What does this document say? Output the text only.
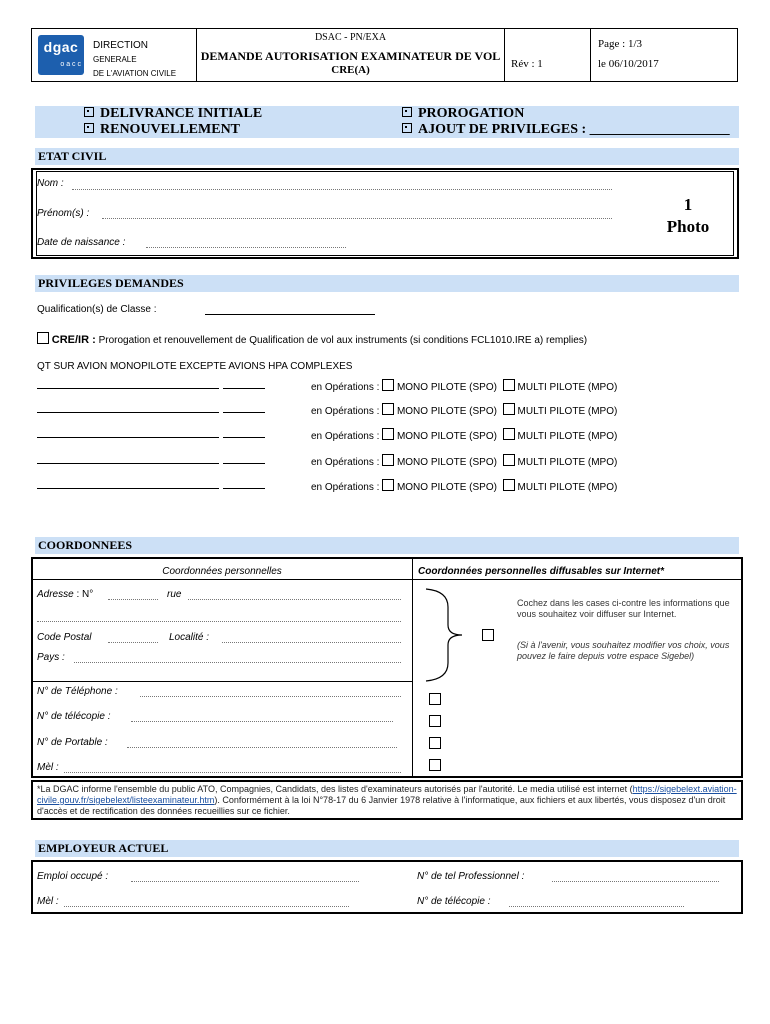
dgac
o a c c
DIRECTION
GENERALE
DE L'AVIATION CIVILE
DSAC - PN/EXA
DEMANDE AUTORISATION EXAMINATEUR DE VOL
CRE(A)	Rév : 1
Page : 1/3
le 06/10/2017
DELIVRANCE INITIALE
RENOUVELLEMENT
PROROGATION
AJOUT DE PRIVILEGES : ____________________
ETAT CIVIL
Nom :
Prénom(s) :
Date de naissance :
1
Photo
PRIVILEGES DEMANDES
Qualification(s) de Classe :
CRE/IR : Prorogation et renouvellement de Qualification de vol aux instruments (si conditions FCL1010.IRE a) remplies)
QT SUR AVION MONOPILOTE EXCEPTE AVIONS HPA COMPLEXES
en Opérations : MONO PILOTE (SPO) MULTI PILOTE (MPO)
en Opérations : MONO PILOTE (SPO) MULTI PILOTE (MPO)
en Opérations : MONO PILOTE (SPO) MULTI PILOTE (MPO)
en Opérations : MONO PILOTE (SPO) MULTI PILOTE (MPO)
en Opérations : MONO PILOTE (SPO) MULTI PILOTE (MPO)
COORDONNEES
Coordonnées personnelles	Coordonnées personnelles diffusables sur Internet*
Adresse : N°	rue
Code Postal	Localité :
Pays :
Cochez dans les cases ci-contre les informations que vous souhaitez voir diffuser sur Internet.
(Si à l'avenir, vous souhaitez modifier vos choix, vous pouvez le faire depuis votre espace Sigebel)
N° de Téléphone :
N° de télécopie :
N° de Portable :
Mèl :
*La DGAC informe l'ensemble du public ATO, Compagnies, Candidats, des listes d'examinateurs autorisés par l'autorité. Le media utilisé est internet (https://sigebelext.aviation-civile.gouv.fr/sigebelext/listeexaminateur.htm). Conformément à la loi N°78-17 du 6 Janvier 1978 relative à l'informatique, aux fichiers et aux libertés, vous disposez d'un droit d'accès et de rectification des données recueillies sur ce fichier.
EMPLOYEUR ACTUEL
Emploi occupé :	N° de tel Professionnel :
Mèl :	N° de télécopie :
